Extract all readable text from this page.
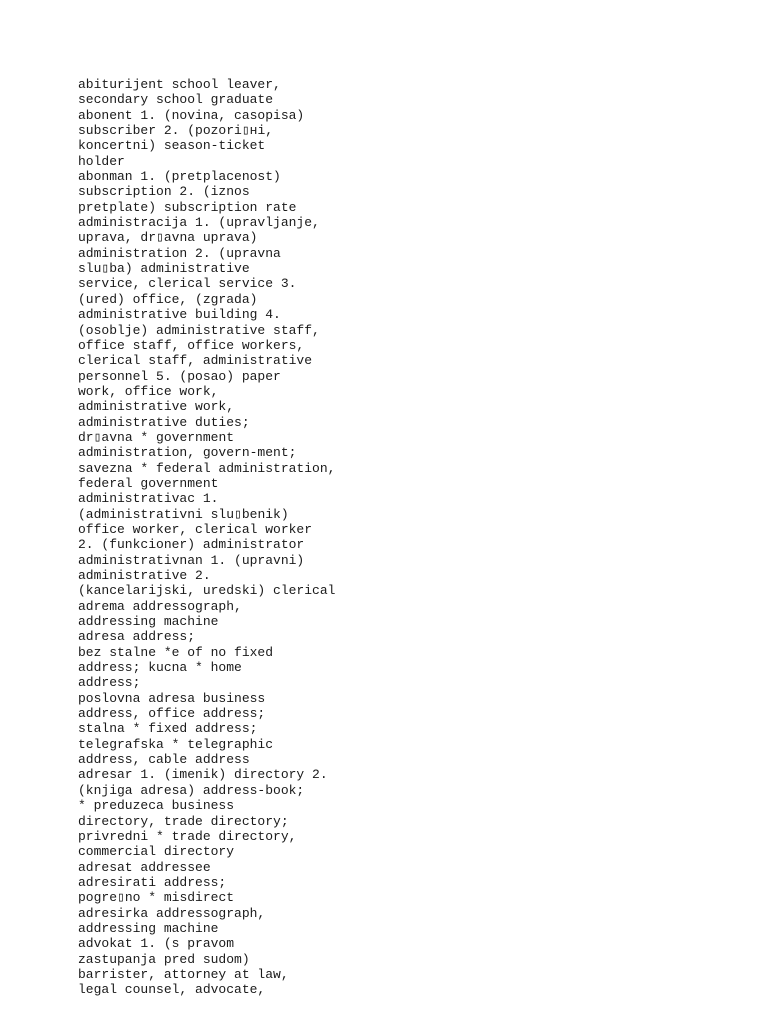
abiturijent school leaver,
secondary school graduate
abonent 1. (novina, casopisa)
subscriber 2. (pozori▯нi,
koncertni) season-ticket
holder
abonman 1. (pretplacenost)
subscription 2. (iznos
pretplate) subscription rate
administracija 1. (upravljanje,
uprava, dr▯avna uprava)
administration 2. (upravna
slu▯ba) administrative
service, clerical service 3.
(ured) office, (zgrada)
administrative building 4.
(osoblje) administrative staff,
office staff, office workers,
clerical staff, administrative
personnel 5. (posao) paper
work, office work,
administrative work,
administrative duties;
dr▯avna * government
administration, govern-ment;
savezna * federal administration,
federal government
administrativac 1.
(administrativni slu▯benik)
office worker, clerical worker
2. (funkcioner) administrator
administrativnan 1. (upravni)
administrative 2.
(kancelarijski, uredski) clerical
adrema addressograph,
addressing machine
adresa address;
bez stalne *e of no fixed
address; kucna * home
address;
poslovna adresa business
address, office address;
stalna * fixed address;
telegrafska * telegraphic
address, cable address
adresar 1. (imenik) directory 2.
(knjiga adresa) address-book;
* preduzeca business
directory, trade directory;
privredni * trade directory,
commercial directory
adresat addressee
adresirati address;
pogre▯no * misdirect
adresirka addressograph,
addressing machine
advokat 1. (s pravom
zastupanja pred sudom)
barrister, attorney at law,
legal counsel, advocate,
